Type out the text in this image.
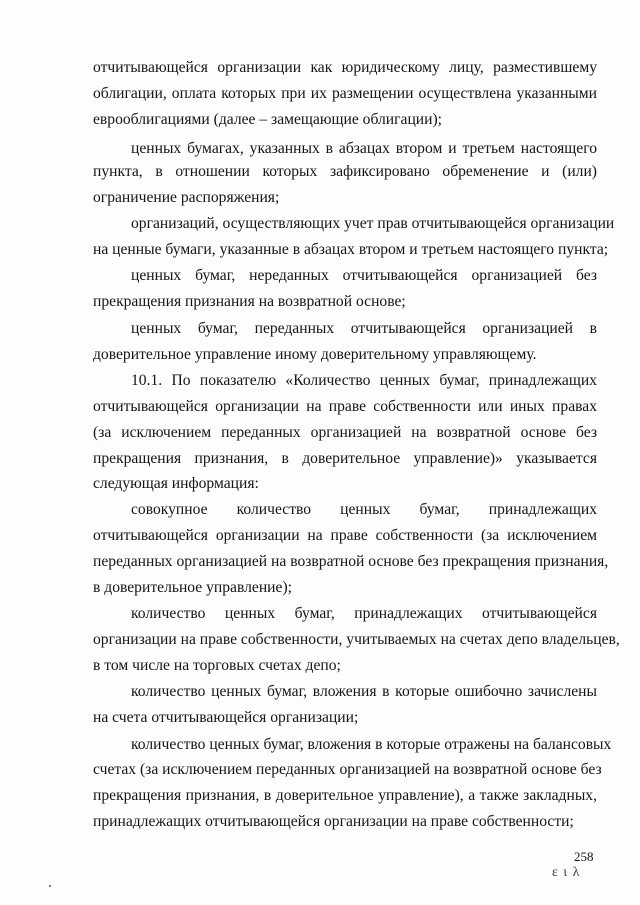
отчитывающейся организации как юридическому лицу, разместившему
облигации, оплата которых при их размещении осуществлена указанными
еврооблигациями (далее – замещающие облигации);
ценных бумагах, указанных в абзацах втором и третьем настоящего
пункта, в отношении которых зафиксировано обременение и (или)
ограничение распоряжения;
организаций, осуществляющих учет прав отчитывающейся организации
на ценные бумаги, указанные в абзацах втором и третьем настоящего пункта;
ценных бумаг, нереданных отчитывающейся организацией без
прекращения признания на возвратной основе;
ценных бумаг, переданных отчитывающейся организацией в
доверительное управление иному доверительному управляющему.
10.1. По показателю «Количество ценных бумаг, принадлежащих
отчитывающейся организации на праве собственности или иных правах
(за исключением переданных организацией на возвратной основе без
прекращения признания, в доверительное управление)» указывается
следующая информация:
совокупное количество ценных бумаг, принадлежащих
отчитывающейся организации на праве собственности (за исключением
переданных организацией на возвратной основе без прекращения признания,
в доверительное управление);
количество ценных бумаг, принадлежащих отчитывающейся
организации на праве собственности, учитываемых на счетах депо владельцев,
в том числе на торговых счетах депо;
количество ценных бумаг, вложения в которые ошибочно зачислены
на счета отчитывающейся организации;
количество ценных бумаг, вложения в которые отражены на балансовых
счетах (за исключением переданных организацией на возвратной основе без
прекращения признания, в доверительное управление), а также закладных,
принадлежащих отчитывающейся организации на праве собственности;
258
ε ι λ
